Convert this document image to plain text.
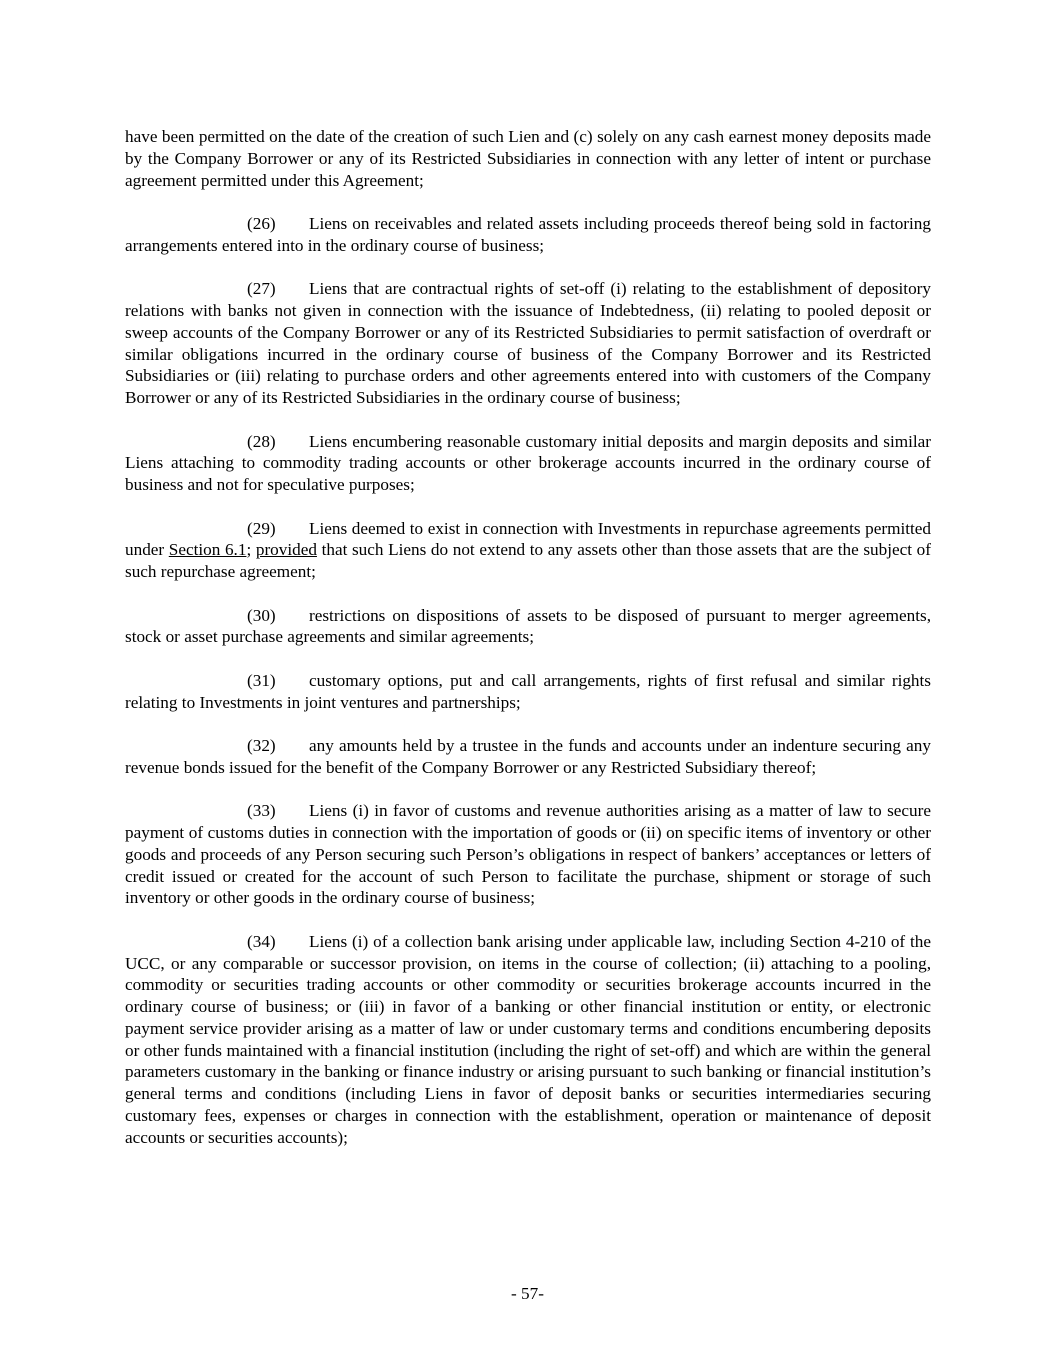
have been permitted on the date of the creation of such Lien and (c) solely on any cash earnest money deposits made by the Company Borrower or any of its Restricted Subsidiaries in connection with any letter of intent or purchase agreement permitted under this Agreement;

(26) Liens on receivables and related assets including proceeds thereof being sold in factoring arrangements entered into in the ordinary course of business;

(27) Liens that are contractual rights of set-off (i) relating to the establishment of depository relations with banks not given in connection with the issuance of Indebtedness, (ii) relating to pooled deposit or sweep accounts of the Company Borrower or any of its Restricted Subsidiaries to permit satisfaction of overdraft or similar obligations incurred in the ordinary course of business of the Company Borrower and its Restricted Subsidiaries or (iii) relating to purchase orders and other agreements entered into with customers of the Company Borrower or any of its Restricted Subsidiaries in the ordinary course of business;

(28) Liens encumbering reasonable customary initial deposits and margin deposits and similar Liens attaching to commodity trading accounts or other brokerage accounts incurred in the ordinary course of business and not for speculative purposes;

(29) Liens deemed to exist in connection with Investments in repurchase agreements permitted under Section 6.1; provided that such Liens do not extend to any assets other than those assets that are the subject of such repurchase agreement;

(30) restrictions on dispositions of assets to be disposed of pursuant to merger agreements, stock or asset purchase agreements and similar agreements;

(31) customary options, put and call arrangements, rights of first refusal and similar rights relating to Investments in joint ventures and partnerships;

(32) any amounts held by a trustee in the funds and accounts under an indenture securing any revenue bonds issued for the benefit of the Company Borrower or any Restricted Subsidiary thereof;

(33) Liens (i) in favor of customs and revenue authorities arising as a matter of law to secure payment of customs duties in connection with the importation of goods or (ii) on specific items of inventory or other goods and proceeds of any Person securing such Person’s obligations in respect of bankers’ acceptances or letters of credit issued or created for the account of such Person to facilitate the purchase, shipment or storage of such inventory or other goods in the ordinary course of business;

(34) Liens (i) of a collection bank arising under applicable law, including Section 4-210 of the UCC, or any comparable or successor provision, on items in the course of collection; (ii) attaching to a pooling, commodity or securities trading accounts or other commodity or securities brokerage accounts incurred in the ordinary course of business; or (iii) in favor of a banking or other financial institution or entity, or electronic payment service provider arising as a matter of law or under customary terms and conditions encumbering deposits or other funds maintained with a financial institution (including the right of set-off) and which are within the general parameters customary in the banking or finance industry or arising pursuant to such banking or financial institution’s general terms and conditions (including Liens in favor of deposit banks or securities intermediaries securing customary fees, expenses or charges in connection with the establishment, operation or maintenance of deposit accounts or securities accounts);

- 57-
